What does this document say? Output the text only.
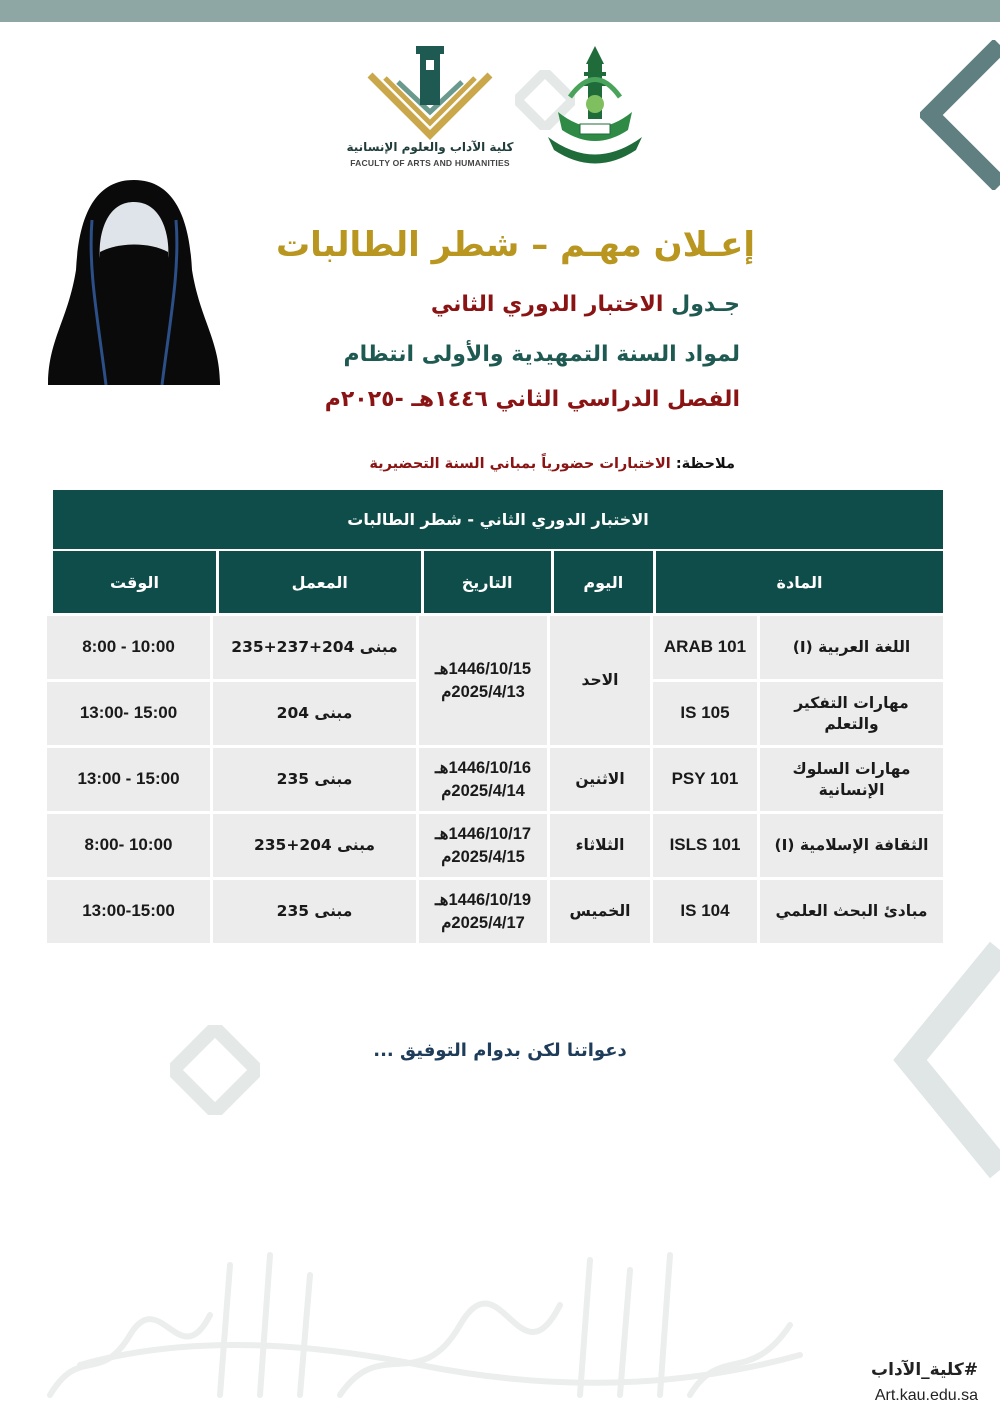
كلية الآداب والعلوم الإنسانية
FACULTY OF ARTS AND HUMANITIES
إعـلان مهـم – شطر الطالبات
جـدول الاختبار الدوري الثاني
لمواد السنة التمهيدية والأولى انتظام
الفصل الدراسي الثاني ١٤٤٦هـ -٢٠٢٥م
ملاحظة: الاختبارات حضورياً بمباني السنة التحضيرية
الاختبار الدوري الثاني - شطر الطالبات
المادة
اليوم
التاريخ
المعمل
الوقت
اللغة العربية (I)
ARAB 101
الاحد
1446/10/15هـ
2025/4/13م
مبنى 204+237+235
8:00 - 10:00
مهارات التفكير والتعلم
IS 105
مبنى 204
13:00- 15:00
مهارات السلوك الإنسانية
PSY 101
الاثنين
1446/10/16هـ
2025/4/14م
مبنى 235
13:00 - 15:00
الثقافة الإسلامية (I)
ISLS 101
الثلاثاء
1446/10/17هـ
2025/4/15م
مبنى 204+235
8:00- 10:00
مبادئ البحث العلمي
IS 104
الخميس
1446/10/19هـ
2025/4/17م
مبنى 235
13:00-15:00
دعواتنا لكن بدوام التوفيق ...
#كلية_الآداب
Art.kau.edu.sa
